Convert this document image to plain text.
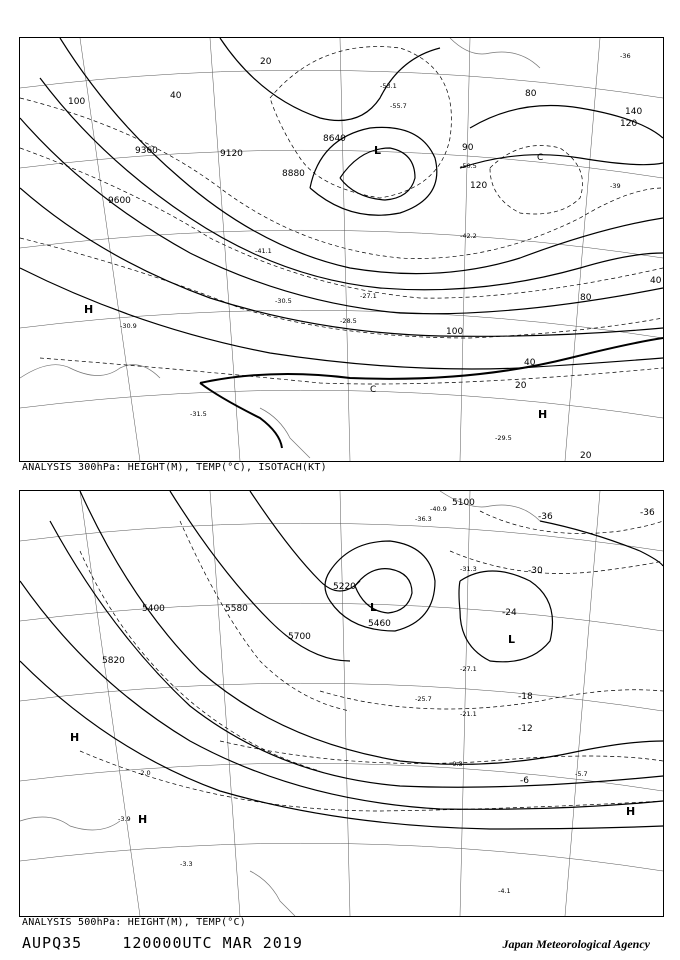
9360	9120
9600
8640
8880
100
40
20
80
120
140
90
C
80
40
100
40
20
20
120
C
L
H
H
-31.5
-30.9
-29.5
-41.1
-30.5
-28.5
-53.1
-55.7
-50.5
-42.2
-39
-36
-27.1
ANALYSIS 300hPa: HEIGHT(M), TEMP(°C), ISOTACH(KT)
5100
5220
5460
5580
5700
5820
5400
-36
-30
-24
-18
-12
-6
-36
L
L
H
H
H
-4.1
-2.0
-3.9
-5.7
-9.3
-21.1
-27.1
-25.7
-31.3
-36.3
-40.9
-3.3
ANALYSIS 500hPa: HEIGHT(M), TEMP(°C)
AUPQ35	120000UTC MAR 2019	Japan Meteorological Agency
